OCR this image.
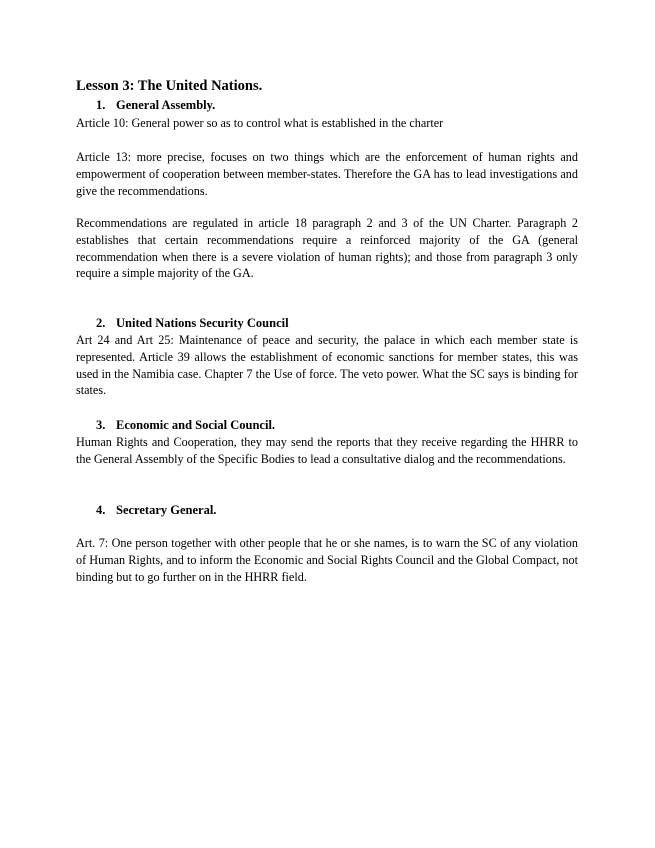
Lesson 3: The United Nations.
1. General Assembly.

Article 10: General power so as to control what is established in the charter

Article 13: more precise, focuses on two things which are the enforcement of human rights and empowerment of cooperation between member-states. Therefore the GA has to lead investigations and give the recommendations.

Recommendations are regulated in article 18 paragraph 2 and 3 of the UN Charter. Paragraph 2 establishes that certain recommendations require a reinforced majority of the GA (general recommendation when there is a severe violation of human rights); and those from paragraph 3 only require a simple majority of the GA.

2. United Nations Security Council

Art 24 and Art 25: Maintenance of peace and security, the palace in which each member state is represented. Article 39 allows the establishment of economic sanctions for member states, this was used in the Namibia case. Chapter 7 the Use of force. The veto power. What the SC says is binding for states.

3. Economic and Social Council.

Human Rights and Cooperation, they may send the reports that they receive regarding the HHRR to the General Assembly of the Specific Bodies to lead a consultative dialog and the recommendations.

4. Secretary General.

Art. 7: One person together with other people that he or she names, is to warn the SC of any violation of Human Rights, and to inform the Economic and Social Rights Council and the Global Compact, not binding but to go further on in the HHRR field.
